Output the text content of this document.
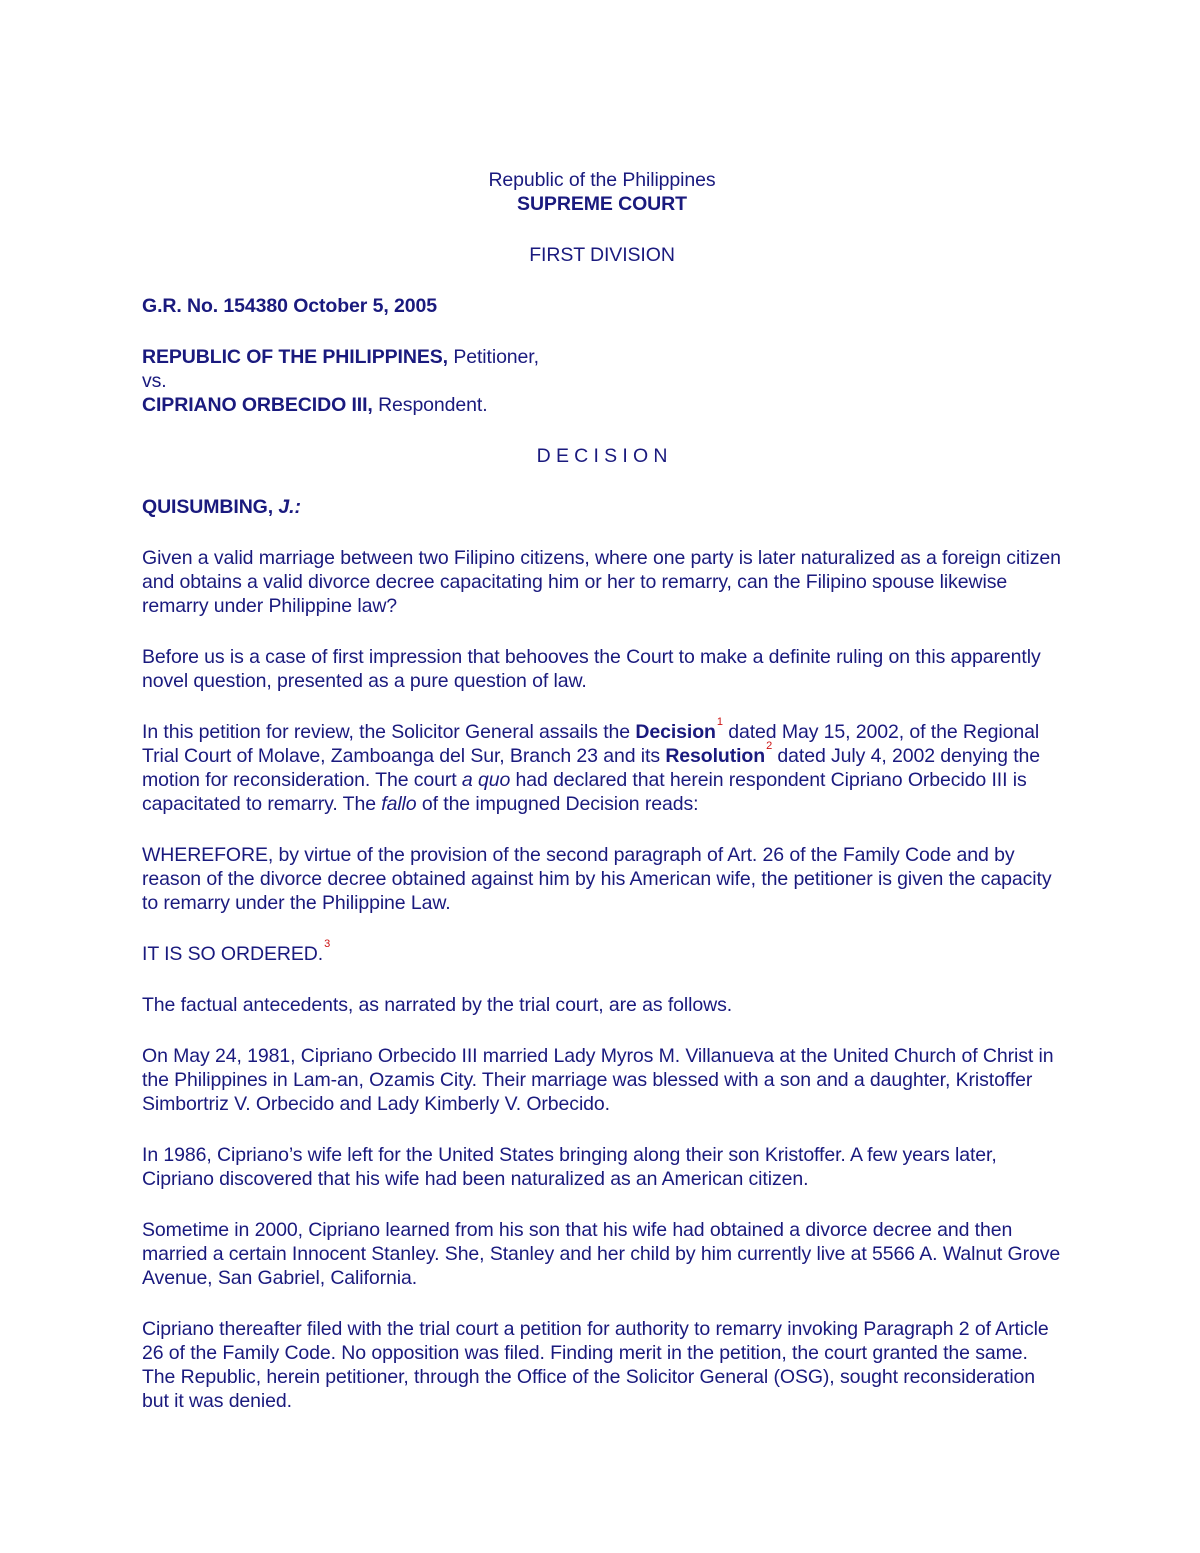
Republic of the Philippines
SUPREME COURT
FIRST DIVISION
G.R. No. 154380 October 5, 2005
REPUBLIC OF THE PHILIPPINES, Petitioner,
vs.
CIPRIANO ORBECIDO III, Respondent.
D E C I S I O N
QUISUMBING, J.:

Given a valid marriage between two Filipino citizens, where one party is later naturalized as a foreign citizen and obtains a valid divorce decree capacitating him or her to remarry, can the Filipino spouse likewise remarry under Philippine law?

Before us is a case of first impression that behooves the Court to make a definite ruling on this apparently novel question, presented as a pure question of law.

In this petition for review, the Solicitor General assails the Decision$^1$ dated May 15, 2002, of the Regional Trial Court of Molave, Zamboanga del Sur, Branch 23 and its Resolution$^2$ dated July 4, 2002 denying the motion for reconsideration. The court a quo had declared that herein respondent Cipriano Orbecido III is capacitated to remarry. The fallo of the impugned Decision reads:

WHEREFORE, by virtue of the provision of the second paragraph of Art. 26 of the Family Code and by reason of the divorce decree obtained against him by his American wife, the petitioner is given the capacity to remarry under the Philippine Law.

IT IS SO ORDERED.$^3$

The factual antecedents, as narrated by the trial court, are as follows.

On May 24, 1981, Cipriano Orbecido III married Lady Myros M. Villanueva at the United Church of Christ in the Philippines in Lam-an, Ozamis City. Their marriage was blessed with a son and a daughter, Kristoffer Simbortriz V. Orbecido and Lady Kimberly V. Orbecido.

In 1986, Cipriano’s wife left for the United States bringing along their son Kristoffer. A few years later, Cipriano discovered that his wife had been naturalized as an American citizen.

Sometime in 2000, Cipriano learned from his son that his wife had obtained a divorce decree and then married a certain Innocent Stanley. She, Stanley and her child by him currently live at 5566 A. Walnut Grove Avenue, San Gabriel, California.

Cipriano thereafter filed with the trial court a petition for authority to remarry invoking Paragraph 2 of Article 26 of the Family Code. No opposition was filed. Finding merit in the petition, the court granted the same. The Republic, herein petitioner, through the Office of the Solicitor General (OSG), sought reconsideration but it was denied.
